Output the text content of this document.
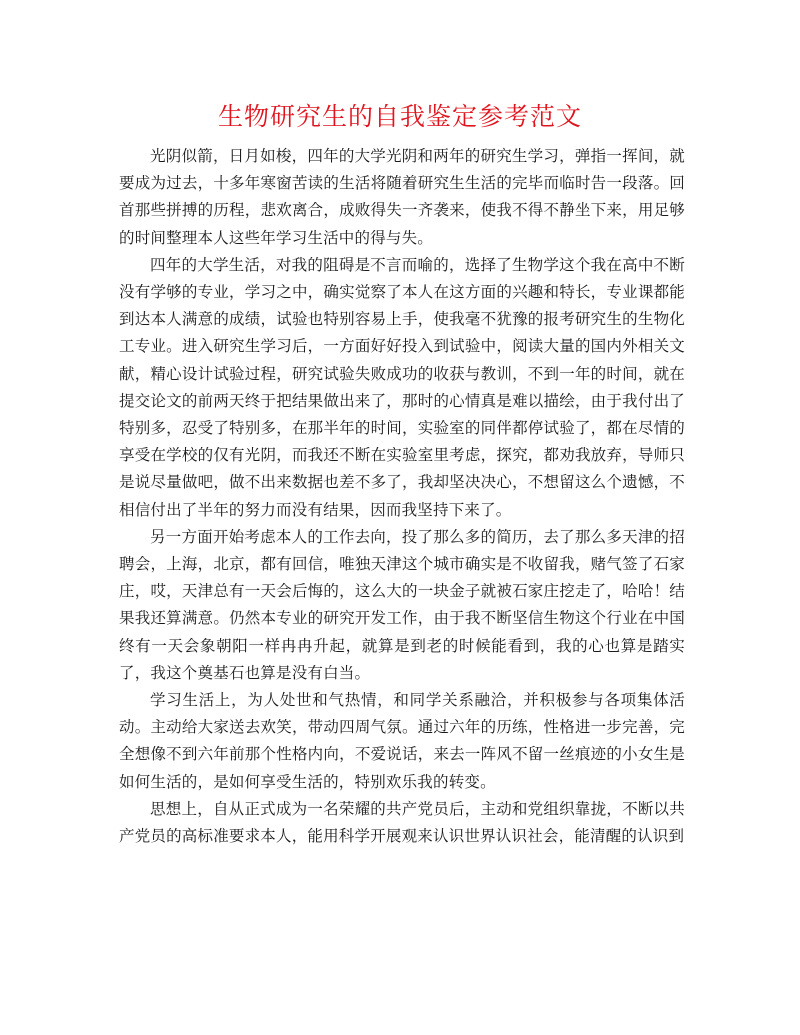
生物研究生的自我鉴定参考范文

光阴似箭，日月如梭，四年的大学光阴和两年的研究生学习，弹指一挥间，就要成为过去，十多年寒窗苦读的生活将随着研究生生活的完毕而临时告一段落。回首那些拼搏的历程，悲欢离合，成败得失一齐袭来，使我不得不静坐下来，用足够的时间整理本人这些年学习生活中的得与失。

四年的大学生活，对我的阻碍是不言而喻的，选择了生物学这个我在高中不断没有学够的专业，学习之中，确实觉察了本人在这方面的兴趣和特长，专业课都能到达本人满意的成绩，试验也特别容易上手，使我毫不犹豫的报考研究生的生物化工专业。进入研究生学习后，一方面好好投入到试验中，阅读大量的国内外相关文献，精心设计试验过程，研究试验失败成功的收获与教训，不到一年的时间，就在提交论文的前两天终于把结果做出来了，那时的心情真是难以描绘，由于我付出了特别多，忍受了特别多，在那半年的时间，实验室的同伴都停试验了，都在尽情的享受在学校的仅有光阴，而我还不断在实验室里考虑，探究，都劝我放弃，导师只是说尽量做吧，做不出来数据也差不多了，我却坚决决心，不想留这么个遗憾，不相信付出了半年的努力而没有结果，因而我坚持下来了。

另一方面开始考虑本人的工作去向，投了那么多的简历，去了那么多天津的招聘会，上海，北京，都有回信，唯独天津这个城市确实是不收留我，赌气签了石家庄，哎，天津总有一天会后悔的，这么大的一块金子就被石家庄挖走了，哈哈！结果我还算满意。仍然本专业的研究开发工作，由于我不断坚信生物这个行业在中国终有一天会象朝阳一样冉冉升起，就算是到老的时候能看到，我的心也算是踏实了，我这个奠基石也算是没有白当。

学习生活上，为人处世和气热情，和同学关系融洽，并积极参与各项集体活动。主动给大家送去欢笑，带动四周气氛。通过六年的历练，性格进一步完善，完全想像不到六年前那个性格内向，不爱说话，来去一阵风不留一丝痕迹的小女生是如何生活的，是如何享受生活的，特别欢乐我的转变。

思想上，自从正式成为一名荣耀的共产党员后，主动和党组织靠拢，不断以共产党员的高标准要求本人，能用科学开展观来认识世界认识社会，能清醒的认识到
